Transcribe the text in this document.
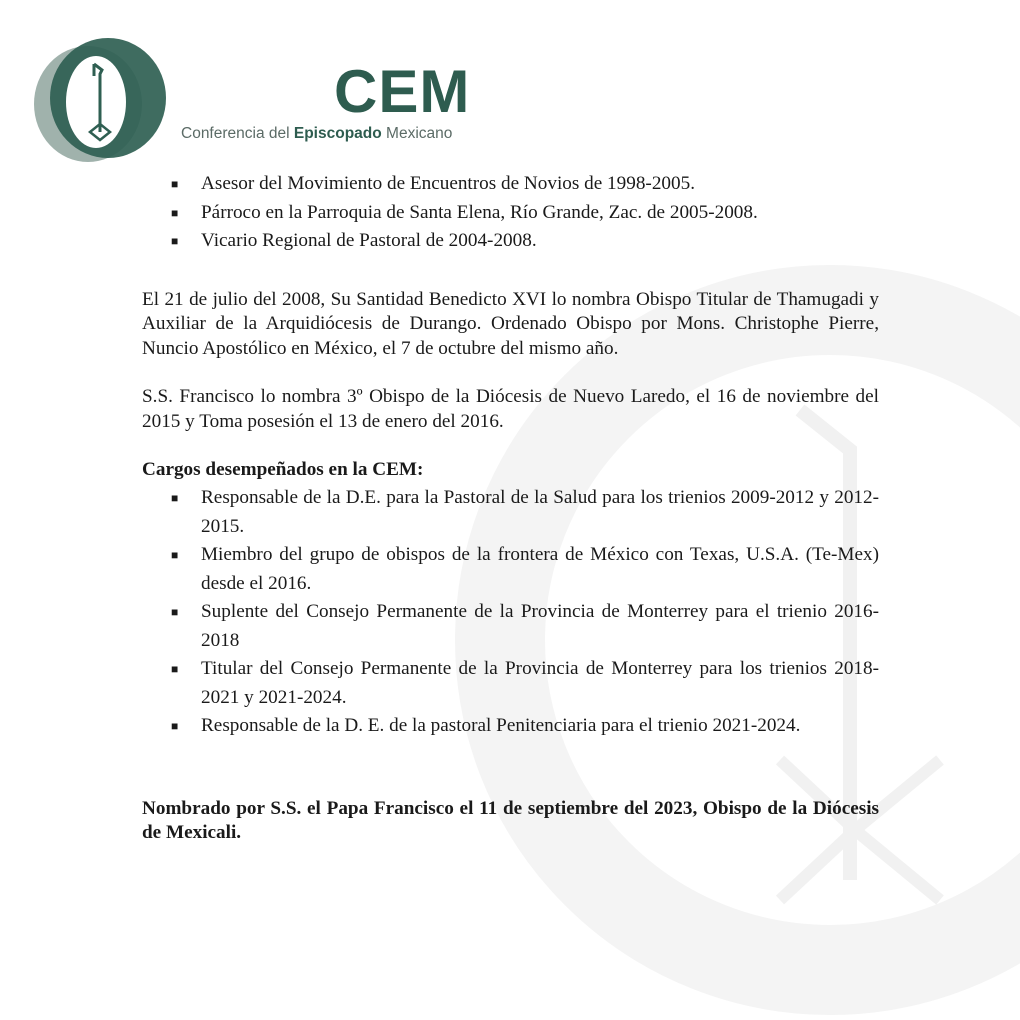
CEM

Conferencia del Episcopado Mexicano

■ Asesor del Movimiento de Encuentros de Novios de 1998-2005.
■ Párroco en la Parroquia de Santa Elena, Río Grande, Zac. de 2005-2008.
■ Vicario Regional de Pastoral de 2004-2008.

El 21 de julio del 2008, Su Santidad Benedicto XVI lo nombra Obispo Titular de Thamugadi y Auxiliar de la Arquidiócesis de Durango. Ordenado Obispo por Mons. Christophe Pierre, Nuncio Apostólico en México, el 7 de octubre del mismo año.

S.S. Francisco lo nombra 3º Obispo de la Diócesis de Nuevo Laredo, el 16 de noviembre del 2015 y Toma posesión el 13 de enero del 2016.

Cargos desempeñados en la CEM:
■ Responsable de la D.E. para la Pastoral de la Salud para los trienios 2009-2012 y 2012-2015.
■ Miembro del grupo de obispos de la frontera de México con Texas, U.S.A. (Te-Mex) desde el 2016.
■ Suplente del Consejo Permanente de la Provincia de Monterrey para el trienio 2016-2018
■ Titular del Consejo Permanente de la Provincia de Monterrey para los trienios 2018-2021 y 2021-2024.
■ Responsable de la D. E. de la pastoral Penitenciaria para el trienio 2021-2024.

Nombrado por S.S. el Papa Francisco el 11 de septiembre del 2023, Obispo de la Diócesis de Mexicali.
